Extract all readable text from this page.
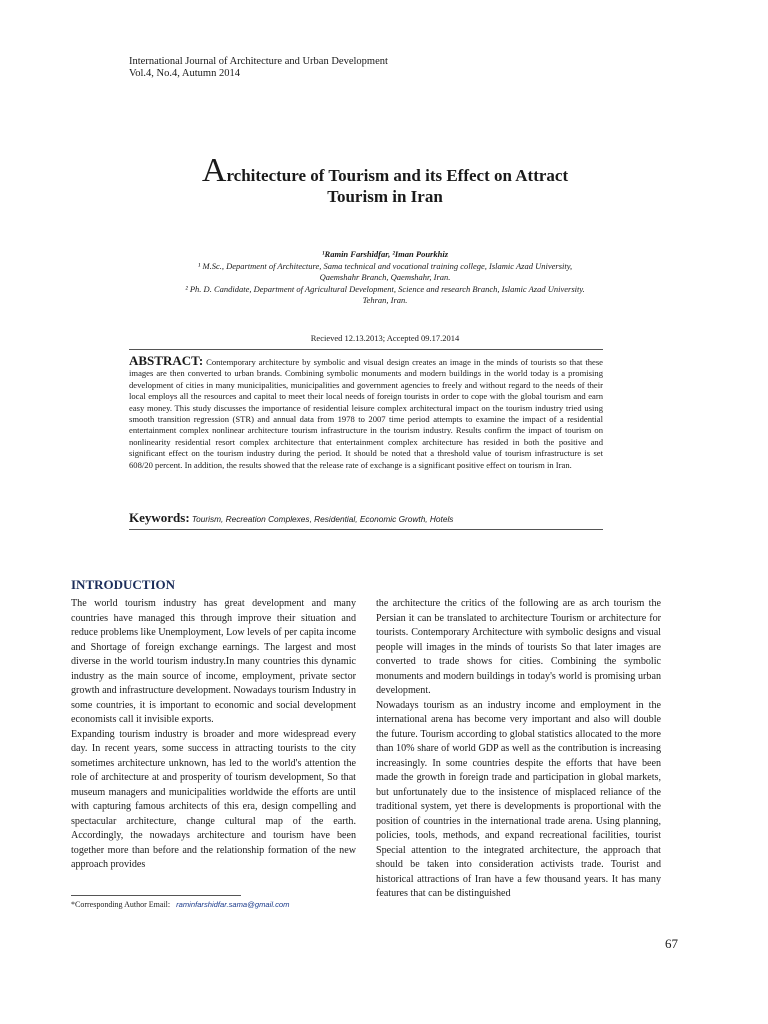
International Journal of Architecture and Urban Development
Vol.4, No.4, Autumn 2014
Architecture of Tourism and its Effect on Attract
Tourism in Iran
¹Ramin Farshidfar, ²Iman Pourkhiz
¹ M.Sc., Department of Architecture, Sama technical and vocational training college, Islamic Azad University,
Qaemshahr Branch, Qaemshahr, Iran.
² Ph. D. Candidate, Department of Agricultural Development, Science and research Branch, Islamic Azad University.
Tehran, Iran.
Recieved 12.13.2013; Accepted 09.17.2014
ABSTRACT: Contemporary architecture by symbolic and visual design creates an image in the minds of tourists so that these images are then converted to urban brands. Combining symbolic monuments and modern buildings in the world today is a promising development of cities in many municipalities, municipalities and government agencies to freely and without regard to the needs of their local employs all the resources and capital to meet their local needs of foreign tourists in order to cope with the global tourism and earn easy money. This study discusses the importance of residential leisure complex architectural impact on the tourism industry tried using smooth transition regression (STR) and annual data from 1978 to 2007 time period attempts to examine the impact of a residential entertainment complex nonlinear architecture tourism infrastructure in the tourism industry. Results confirm the impact of tourism on nonlinearity residential resort complex architecture that entertainment complex architecture has resided in both the positive and significant effect on the tourism industry during the period. It should be noted that a threshold value of tourism infrastructure is set 608/20 percent. In addition, the results showed that the release rate of exchange is a significant positive effect on tourism in Iran.
Keywords: Tourism, Recreation Complexes, Residential, Economic Growth, Hotels
INTRODUCTION

The world tourism industry has great development and many countries have managed this through improve their situation and reduce problems like Unemployment, Low levels of per capita income and Shortage of foreign exchange earnings. The largest and most diverse in the world tourism industry.In many countries this dynamic industry as the main source of income, employment, private sector growth and infrastructure development. Nowadays tourism Industry in some countries, it is important to economic and social development economists call it invisible exports.

Expanding tourism industry is broader and more widespread every day. In recent years, some success in attracting tourists to the city sometimes architecture unknown, has led to the world's attention the role of architecture at and prosperity of tourism development, So that museum managers and municipalities worldwide the efforts are until with capturing famous architects of this era, design compelling and spectacular architecture, change cultural map of the earth. Accordingly, the nowadays architecture and tourism have been together more than before and the relationship formation of the new approach provides

the architecture the critics of the following are as arch tourism the Persian it can be translated to architecture Tourism or architecture for tourists. Contemporary Architecture with symbolic designs and visual people will images in the minds of tourists So that later images are converted to trade shows for cities. Combining the symbolic monuments and modern buildings in today's world is promising urban development.

Nowadays tourism as an industry income and employment in the international arena has become very important and also will double the future. Tourism according to global statistics allocated to the more than 10% share of world GDP as well as the contribution is increasing increasingly. In some countries despite the efforts that have been made the growth in foreign trade and participation in global markets, but unfortunately due to the insistence of misplaced reliance of the traditional system, yet there is developments is proportional with the position of countries in the international trade arena. Using planning, policies, tools, methods, and expand recreational facilities, tourist Special attention to the integrated architecture, the approach that should be taken into consideration activists trade. Tourist and historical attractions of Iran have a few thousand years. It has many features that can be distinguished

*Corresponding Author Email: raminfarshidfar.sama@gmail.com
67
